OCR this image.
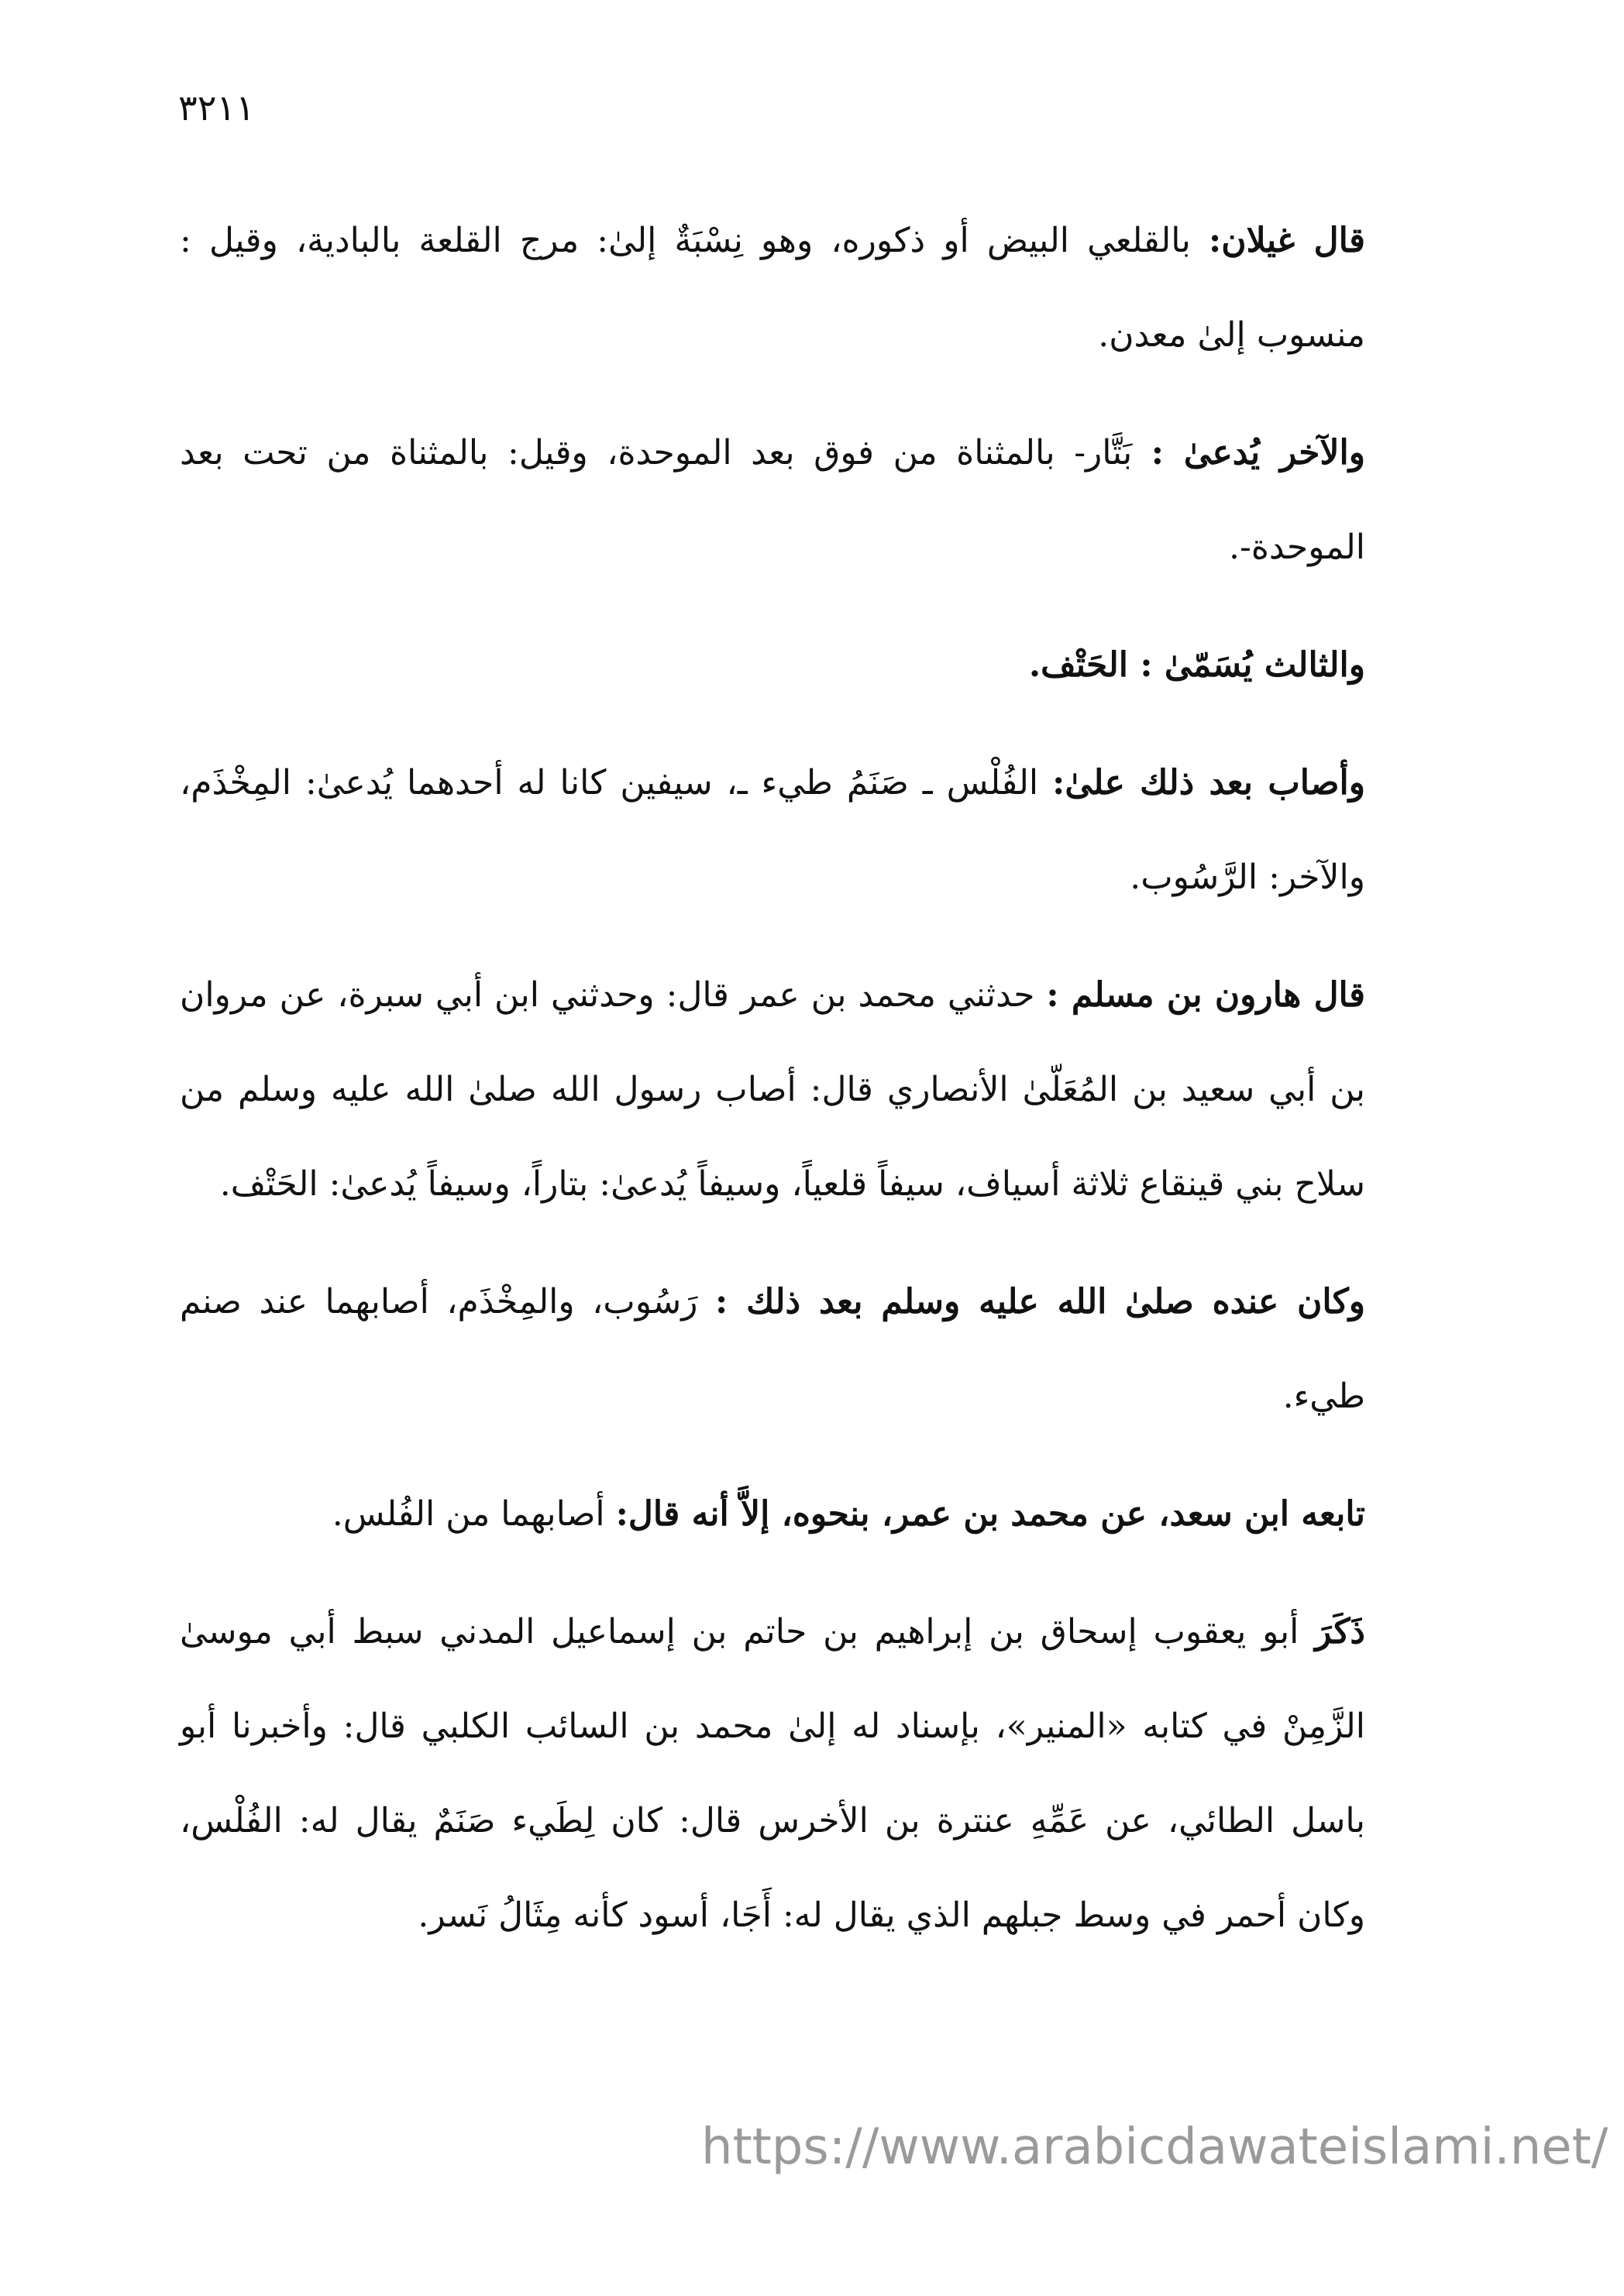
٣٢١١

قال غيلان: بالقلعي البيض أو ذكوره، وهو نِسْبَةٌ إلىٰ: مرج القلعة بالبادية، وقيل : منسوب إلىٰ معدن.

والآخر يُدعىٰ : بَتَّار- بالمثناة من فوق بعد الموحدة، وقيل: بالمثناة من تحت بعد الموحدة-.

والثالث يُسَمّىٰ : الحَتْف.

وأصاب بعد ذلك علىٰ: الفُلْس ـ صَنَمُ طيء ـ، سيفين كانا له أحدهما يُدعىٰ: المِخْذَم، والآخر: الرَّسُوب.

قال هارون بن مسلم : حدثني محمد بن عمر قال: وحدثني ابن أبي سبرة، عن مروان بن أبي سعيد بن المُعَلّىٰ الأنصاري قال: أصاب رسول الله صلىٰ الله عليه وسلم من سلاح بني قينقاع ثلاثة أسياف، سيفاً قلعياً، وسيفاً يُدعىٰ: بتاراً، وسيفاً يُدعىٰ: الحَتْف.

وكان عنده صلىٰ الله عليه وسلم بعد ذلك : رَسُوب، والمِخْذَم، أصابهما عند صنم طيء.

تابعه ابن سعد، عن محمد بن عمر، بنحوه، إلاَّ أنه قال: أصابهما من الفُلس.

ذَكَرَ أبو يعقوب إسحاق بن إبراهيم بن حاتم بن إسماعيل المدني سبط أبي موسىٰ الزَّمِنْ في كتابه «المنير»، بإسناد له إلىٰ محمد بن السائب الكلبي قال: وأخبرنا أبو باسل الطائي، عن عَمِّهِ عنترة بن الأخرس قال: كان لِطَيء صَنَمٌ يقال له: الفُلْس، وكان أحمر في وسط جبلهم الذي يقال له: أَجَا، أسود كأنه مِثَالُ نَسر.

https://www.arabicdawateislami.net/
